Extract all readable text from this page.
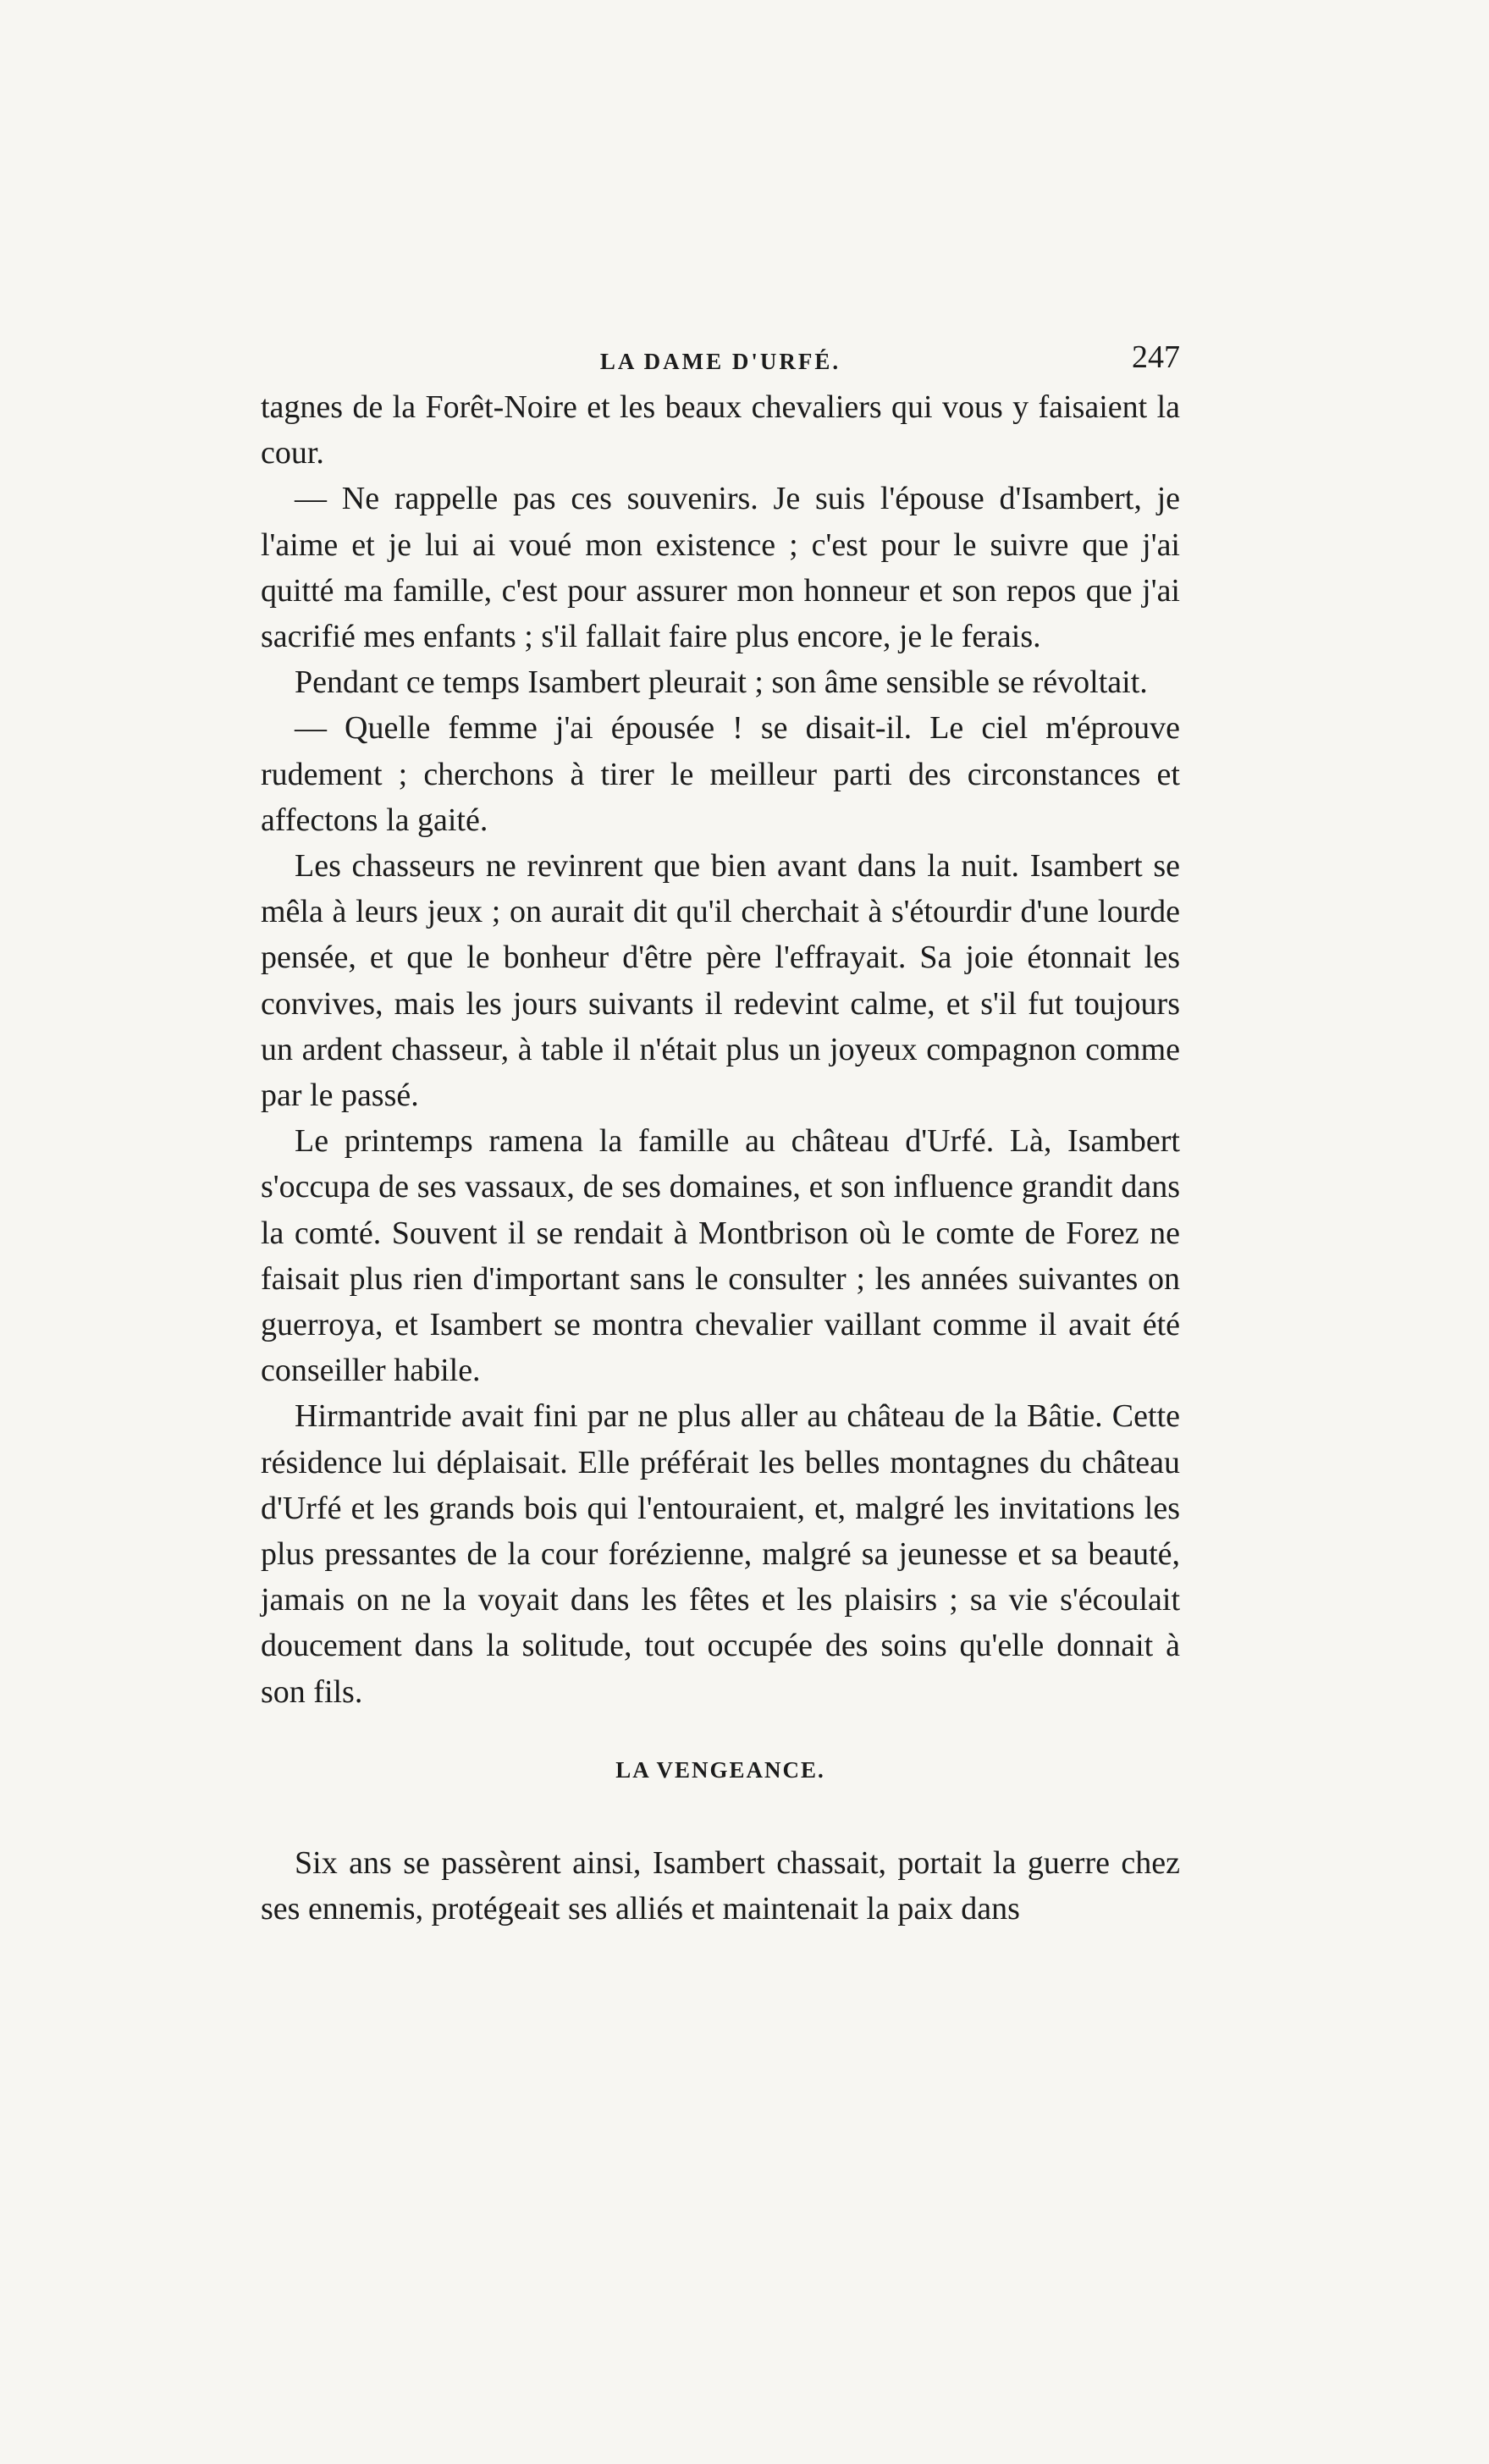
LA DAME D'URFÉ.	247

tagnes de la Forêt-Noire et les beaux chevaliers qui vous y faisaient la cour.

— Ne rappelle pas ces souvenirs. Je suis l'épouse d'Isambert, je l'aime et je lui ai voué mon existence ; c'est pour le suivre que j'ai quitté ma famille, c'est pour assurer mon honneur et son repos que j'ai sacrifié mes enfants ; s'il fallait faire plus encore, je le ferais.

Pendant ce temps Isambert pleurait ; son âme sensible se révoltait.

— Quelle femme j'ai épousée ! se disait-il. Le ciel m'éprouve rudement ; cherchons à tirer le meilleur parti des circonstances et affectons la gaité.

Les chasseurs ne revinrent que bien avant dans la nuit. Isambert se mêla à leurs jeux ; on aurait dit qu'il cherchait à s'étourdir d'une lourde pensée, et que le bonheur d'être père l'effrayait. Sa joie étonnait les convives, mais les jours suivants il redevint calme, et s'il fut toujours un ardent chasseur, à table il n'était plus un joyeux compagnon comme par le passé.

Le printemps ramena la famille au château d'Urfé. Là, Isambert s'occupa de ses vassaux, de ses domaines, et son influence grandit dans la comté. Souvent il se rendait à Montbrison où le comte de Forez ne faisait plus rien d'important sans le consulter ; les années suivantes on guerroya, et Isambert se montra chevalier vaillant comme il avait été conseiller habile.

Hirmantride avait fini par ne plus aller au château de la Bâtie. Cette résidence lui déplaisait. Elle préférait les belles montagnes du château d'Urfé et les grands bois qui l'entouraient, et, malgré les invitations les plus pressantes de la cour forézienne, malgré sa jeunesse et sa beauté, jamais on ne la voyait dans les fêtes et les plaisirs ; sa vie s'écoulait doucement dans la solitude, tout occupée des soins qu'elle donnait à son fils.

LA VENGEANCE.

Six ans se passèrent ainsi, Isambert chassait, portait la guerre chez ses ennemis, protégeait ses alliés et maintenait la paix dans
